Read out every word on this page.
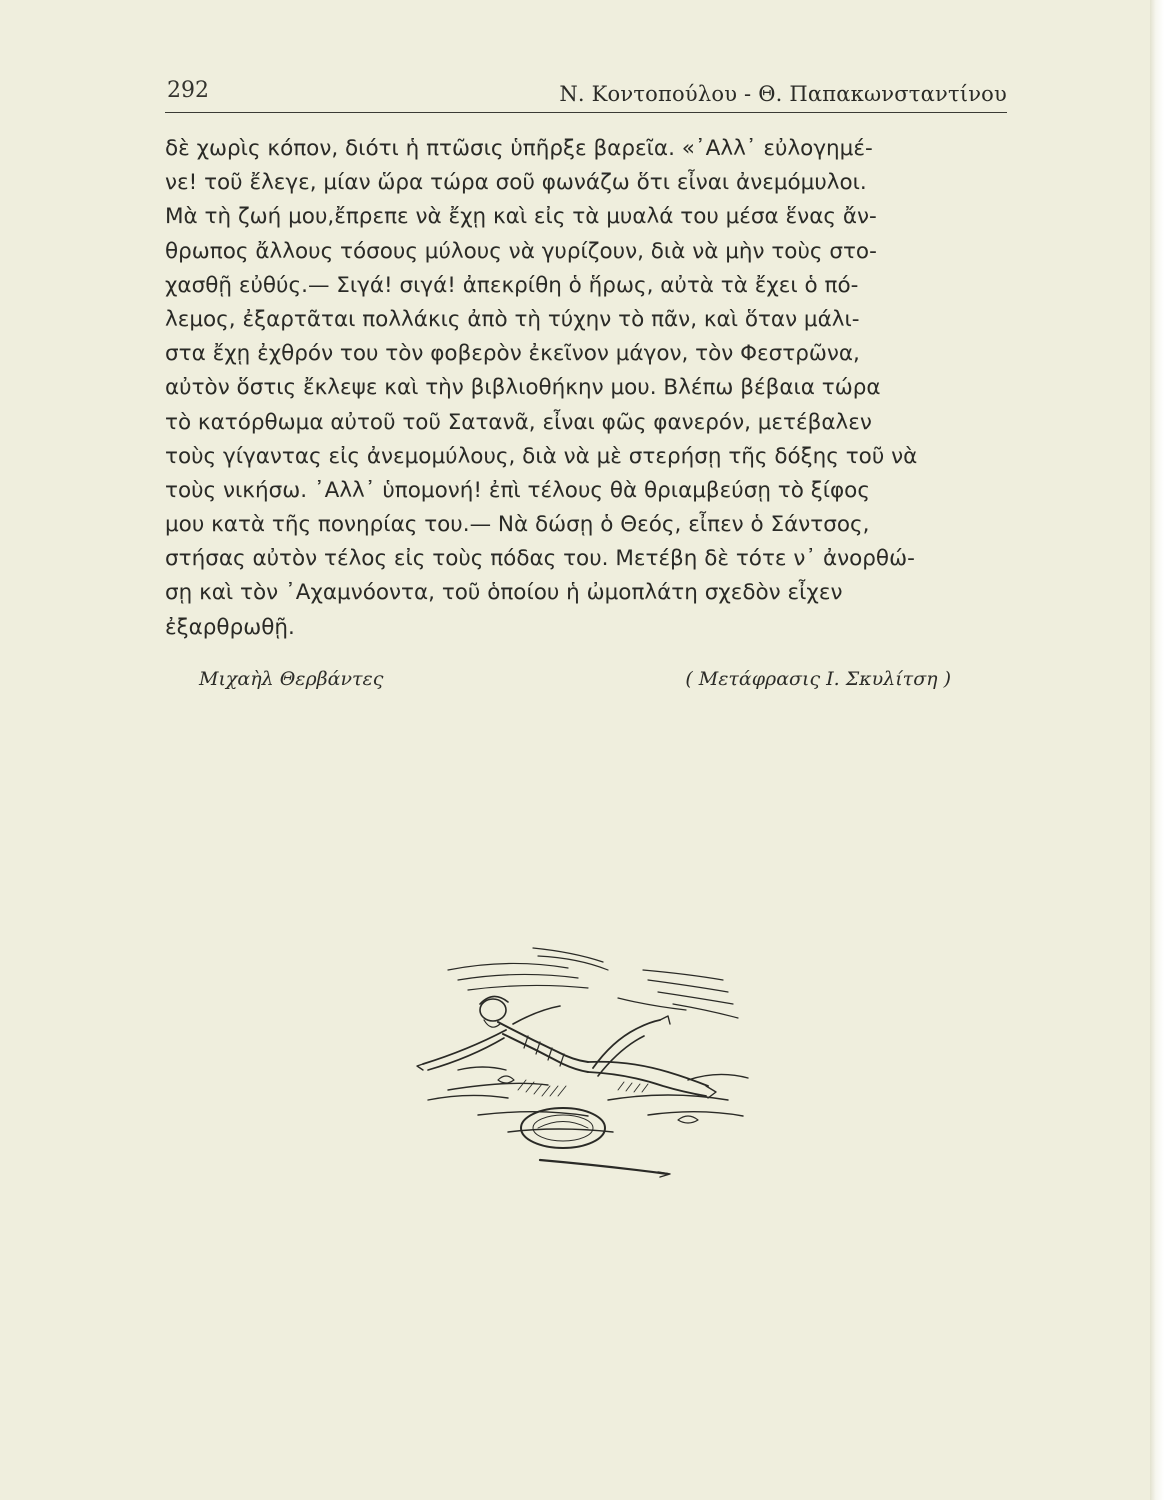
292	Ν. Κοντοπούλου - Θ. Παπακωνσταντίνου
δὲ χωρὶς κόπον, διότι ἡ πτῶσις ὑπῆρξε βαρεῖα. «᾿Αλλ᾿ εὐλογημέ-
νε! τοῦ ἔλεγε, μίαν ὥρα τώρα σοῦ φωνάζω ὅτι εἶναι ἀνεμόμυλοι.
Μὰ τὴ ζωή μου,ἔπρεπε νὰ ἔχῃ καὶ εἰς τὰ μυαλά του μέσα ἕνας ἄν-
θρωπος ἄλλους τόσους μύλους νὰ γυρίζουν, διὰ νὰ μὴν τοὺς στο-
χασθῇ εὐθύς.— Σιγά! σιγά! ἀπεκρίθη ὁ ἥρως, αὐτὰ τὰ ἔχει ὁ πό-
λεμος, ἐξαρτᾶται πολλάκις ἀπὸ τὴ τύχην τὸ πᾶν, καὶ ὅταν μάλι-
στα ἔχῃ ἐχθρόν του τὸν φοβερὸν ἐκεῖνον μάγον, τὸν Φεστρῶνα,
αὐτὸν ὅστις ἔκλεψε καὶ τὴν βιβλιοθήκην μου. Βλέπω βέβαια τώρα
τὸ κατόρθωμα αὐτοῦ τοῦ Σατανᾶ, εἶναι φῶς φανερόν, μετέβαλεν
τοὺς γίγαντας εἰς ἀνεμομύλους, διὰ νὰ μὲ στερήσῃ τῆς δόξης τοῦ νὰ
τοὺς νικήσω. ᾿Αλλ᾿ ὑπομονή! ἐπὶ τέλους θὰ θριαμβεύσῃ τὸ ξίφος
μου κατὰ τῆς πονηρίας του.— Νὰ δώσῃ ὁ Θεός, εἶπεν ὁ Σάντσος,
στήσας αὐτὸν τέλος εἰς τοὺς πόδας του. Μετέβη δὲ τότε ν᾿ ἀνορθώ-
σῃ καὶ τὸν ᾿Αχαμνόοντα, τοῦ ὁποίου ἡ ὠμοπλάτη σχεδὸν εἶχεν
ἐξαρθρωθῇ.
Μιχαὴλ Θερβάντες	( Μετάφρασις Ι. Σκυλίτση )
